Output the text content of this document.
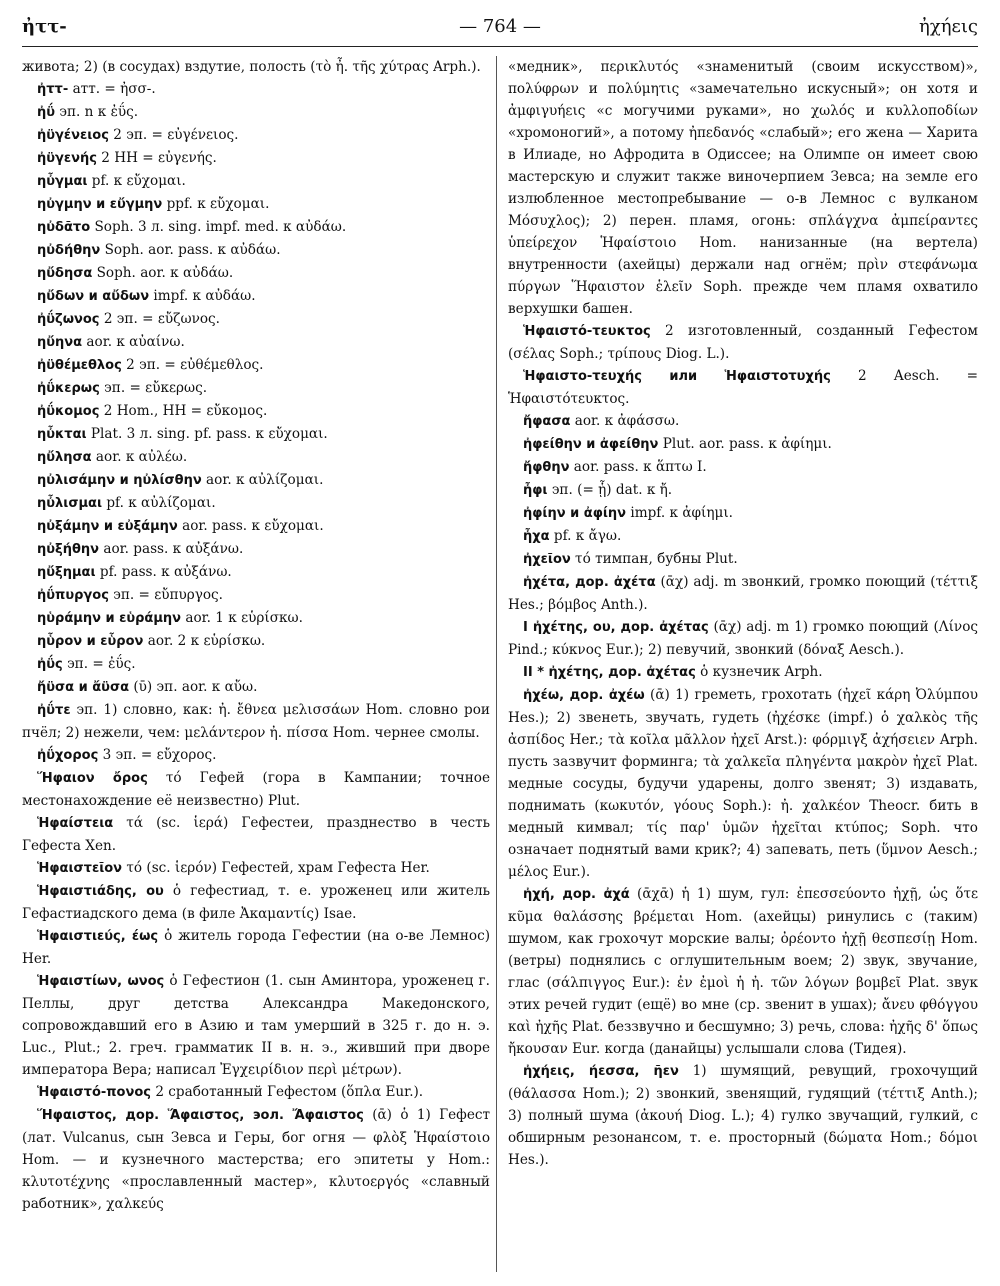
ἠττ-	— 764 —	ἠχήεις

живота; 2) (в сосудах) вздутие, полость (τὸ ἦ. τῆς χύτρας Arph.).

ἠττ- атт. = ἠσσ-.

ἠΰ эп. n к ἐΰς.

ἠϋγένειος 2 эп. = εὐγένειος.

ἠϋγενής 2 НН = εὐγενής.

ηὖγμαι pf. к εὔχομαι.

ηὐγμην и εὔγμην ppf. к εὔχομαι.

ηὐδᾶτο Soph. 3 л. sing. impf. med. к αὐδάω.

ηὐδήθην Soph. aor. pass. к αὐδάω.

ηὔδησα Soph. aor. к αὐδάω.

ηὔδων и αὔδων impf. к αὐδάω.

ἠΰζωνος 2 эп. = εὔζωνος.

ηὔηνα aor. к αὐαίνω.

ἠϋθέμεθλος 2 эп. = εὐθέμεθλος.

ἠΰκερως эп. = εὔκερως.

ἠΰκομος 2 Hom., НН = εὔκομος.

ηὖκται Plat. 3 л. sing. pf. pass. к εὔχομαι.

ηὔλησα aor. к αὐλέω.

ηὐλισάμην и ηὐλίσθην aor. к αὐλίζομαι.

ηὖλισμαι pf. к αὐλίζομαι.

ηὐξάμην и εὐξάμην aor. pass. к εὔχομαι.

ηὐξήθην aor. pass. к αὐξάνω.

ηὔξημαι pf. pass. к αὐξάνω.

ἠΰπυργος эп. = εὔπυργος.

ηὑράμην и εὑράμην aor. 1 к εὑρίσκω.

ηὗρον и εὗρον aor. 2 к εὑρίσκω.

ἠΰς эп. = ἐΰς.

ἤϋσα и ἄϋσα (ῡ) эп. aor. к αὔω.

ἠΰτε эп. 1) словно, как: ἠ. ἔθνεα μελισσάων Hom. словно рои пчёл; 2) нежели, чем: μελάντερον ἠ. πίσσα Hom. чернее смолы.

ἠΰχορος 3 эп. = εὔχορος.

Ἥφαιον ὄρος τό Гефей (гора в Кампании; точное местонахождение её неизвестно) Plut.

Ἡφαίστεια τά (sc. ἱερά) Гефестеи, празднество в честь Гефеста Xen.

Ἡφαιστεῖον τό (sc. ἱερόν) Гефестей, храм Гефеста Her.

Ἡφαιστιάδης, ου ὁ гефестиад, т. е. уроженец или житель Гефастиадского дема (в филе Ἀκαμαντίς) Isae.

Ἡφαιστιεύς, έως ὁ житель города Гефестии (на о-ве Лемнос) Her.

Ἡφαιστίων, ωνος ὁ Гефестион (1. сын Аминтора, уроженец г. Пеллы, друг детства Александра Македонского, сопровождавший его в Азию и там умерший в 325 г. до н. э. Luc., Plut.; 2. греч. грамматик II в. н. э., живший при дворе императора Вера; написал Ἐγχειρίδιον περὶ μέτρων).

Ἡφαιστό-πονος 2 сработанный Гефестом (ὅπλα Eur.).

Ἥφαιστος, дор. Ἅφαιστος, эол. Ἄφαιστος (ᾱ) ὁ 1) Гефест (лат. Vulcanus, сын Зевса и Геры, бог огня — φλὸξ Ἡφαίστοιο Hom. — и кузнечного мастерства; его эпитеты у Hom.: κλυτοτέχνης «прославленный мастер», κλυτοεργός «славный работник», χαλκεύς

«медник», περικλυτός «знаменитый (своим искусством)», πολύφρων и πολύμητις «замечательно искусный»; он хотя и ἀμφιγυήεις «с могучими руками», но χωλός и κυλλοποδίων «хромоногий», а потому ἠπεδανός «слабый»; его жена — Харита в Илиаде, но Афродита в Одиссее; на Олимпе он имеет свою мастерскую и служит также виночерпием Зевса; на земле его излюбленное местопребывание — о-в Лемнос с вулканом Μόσυχλος); 2) перен. пламя, огонь: σπλάγχνα ἀμπείραντες ὑπείρεχον Ἡφαίστοιο Hom. нанизанные (на вертела) внутренности (ахейцы) держали над огнём; πρὶν στεφάνωμα πύργων Ἥφαιστον ἑλεῖν Soph. прежде чем пламя охватило верхушки башен.

Ἡφαιστό-τευκτος 2 изготовленный, созданный Гефестом (σέλας Soph.; τρίπους Diog. L.).

Ἡφαιστο-τευχής или Ἡφαιστοτυχής 2 Aesch. = Ἡφαιστότευκτος.

ἤφασα aor. к ἀφάσσω.

ἠφείθην и ἀφείθην Plut. aor. pass. к ἀφίημι.

ἤφθην aor. pass. к ἅπτω I.

ἦφι эп. (= ᾗ) dat. к ἤ.

ἠφίην и ἀφίην impf. к ἀφίημι.

ἦχα pf. к ἄγω.

ἠχεῖον τό тимпан, бубны Plut.

ἠχέτα, дор. ἀχέτα (ᾱχ) adj. m звонкий, громко поющий (τέττιξ Hes.; βόμβος Anth.).

I ἠχέτης, ου, дор. ἀχέτας (ᾱχ) adj. m 1) громко поющий (Λίνος Pind.; κύκνος Eur.); 2) певучий, звонкий (δόναξ Aesch.).

II * ἠχέτης, дор. ἀχέτας ὁ кузнечик Arph.

ἠχέω, дор. ἀχέω (ᾱ) 1) греметь, грохотать (ἠχεῖ κάρη Ὀλύμπου Hes.); 2) звенеть, звучать, гудеть (ἠχέσκε (impf.) ὁ χαλκὸς τῆς ἀσπίδος Her.; τὰ κοῖλα μᾶλλον ἠχεῖ Arst.): φόρμιγξ ἀχήσειεν Arph. пусть зазвучит форминга; τὰ χαλκεῖα πληγέντα μακρὸν ἠχεῖ Plat. медные сосуды, будучи ударены, долго звенят; 3) издавать, поднимать (κωκυτόν, γόους Soph.): ἠ. χαλκέον Theocr. бить в медный кимвал; τίς παρ' ὑμῶν ἠχεῖται κτύπος; Soph. что означает поднятый вами крик?; 4) запевать, петь (ὕμνον Aesch.; μέλος Eur.).

ἠχή, дор. ἀχά (ᾱχᾱ) ἡ 1) шум, гул: ἐπεσσεύοντο ἠχῇ, ὡς ὅτε κῦμα θαλάσσης βρέμεται Hom. (ахейцы) ринулись с (таким) шумом, как грохочут морские валы; ὀρέοντο ἠχῇ θεσπεσίῃ Hom. (ветры) поднялись с оглушительным воем; 2) звук, звучание, глас (σάλπιγγος Eur.): ἐν ἐμοὶ ἡ ἠ. τῶν λόγων βομβεῖ Plat. звук этих речей гудит (ещё) во мне (ср. звенит в ушах); ἄνευ φθόγγου καὶ ἠχῆς Plat. беззвучно и бесшумно; 3) речь, слова: ἠχῆς δ' ὅπως ἤκουσαν Eur. когда (данайцы) услышали слова (Тидея).

ἠχήεις, ήεσσα, ῆεν 1) шумящий, ревущий, грохочущий (θάλασσα Hom.); 2) звонкий, звенящий, гудящий (τέττιξ Anth.); 3) полный шума (ἀκουή Diog. L.); 4) гулко звучащий, гулкий, с обширным резонансом, т. е. просторный (δώματα Hom.; δόμοι Hes.).
